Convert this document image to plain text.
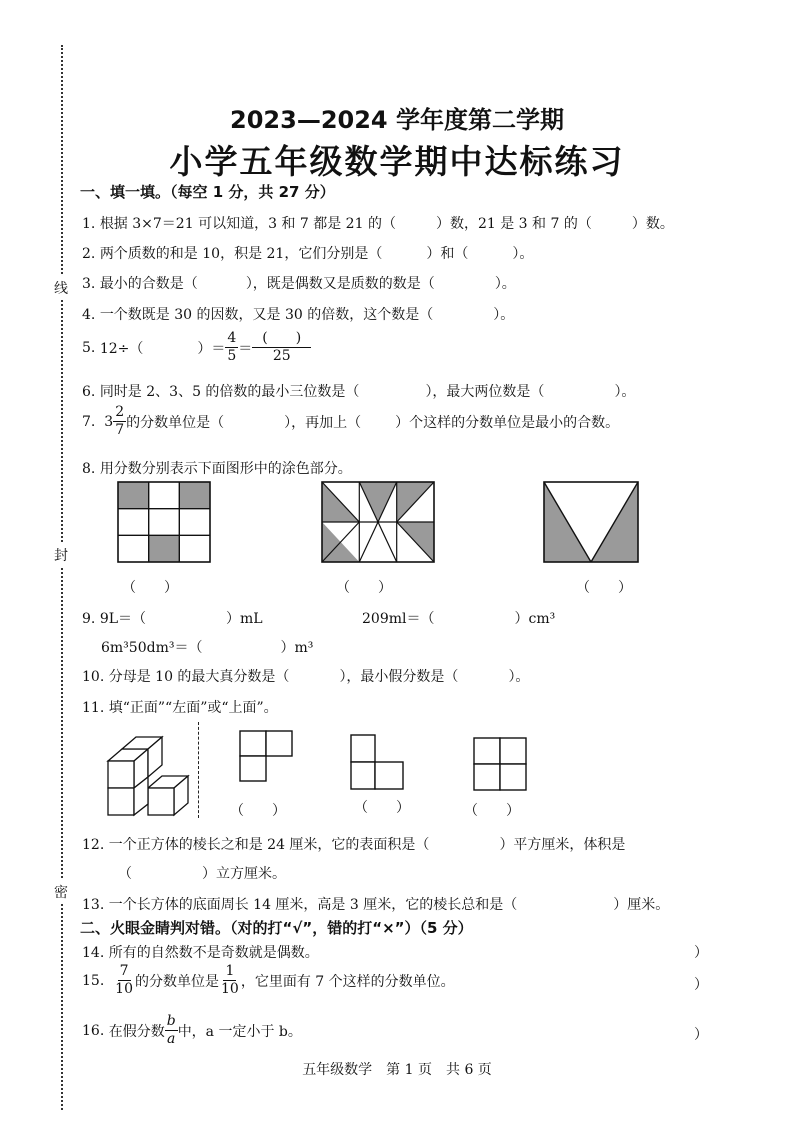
线
封
密
2023—2024 学年度第二学期
小学五年级数学期中达标练习
一、填一填。（每空 1 分，共 27 分）
1. 根据 3×7＝21 可以知道，3 和 7 都是 21 的（	）数，21 是 3 和 7 的（	）数。
2. 两个质数的和是 10，积是 21，它们分别是（	）和（	）。
3. 最小的合数是（	），既是偶数又是质数的数是（	）。
4. 一个数既是 30 的因数，又是 30 的倍数，这个数是（	）。
5.
12÷（	）＝ $\frac{4}{5} = \frac{( )}{25}$
6. 同时是 2、3、5 的倍数的最小三位数是（	），最大两位数是（	）。
7.
$3 \frac{2}{7}$ 的分数单位是（	），再加上（ ）个这样的分数单位是最小的合数。
8. 用分数分别表示下面图形中的涂色部分。
（　　）	（　　）	（　　）
9. 9L＝（	）mL	209ml＝（	）cm³
6m³50dm³＝（	）m³
10. 分母是 10 的最大真分数是（	），最小假分数是（	）。
11. 填“正面”“左面”或“上面”。
（　　）	（　　）	（　　）
12. 一个正方体的棱长之和是 24 厘米，它的表面积是（	）平方厘米，体积是
（	）立方厘米。
13. 一个长方体的底面周长 14 厘米，高是 3 厘米，它的棱长总和是（	）厘米。
二、火眼金睛判对错。（对的打“√”，错的打“×”）（5 分）
14. 所有的自然数不是奇数就是偶数。	）
15.
$\frac{7}{10}$ 的分数单位是 $\frac{1}{10}$ ，它里面有 7 个这样的分数单位。	）
16.
在假分数 $\frac{b}{a}$ 中，a 一定小于 b。	）
五年级数学　第 1 页　共 6 页
